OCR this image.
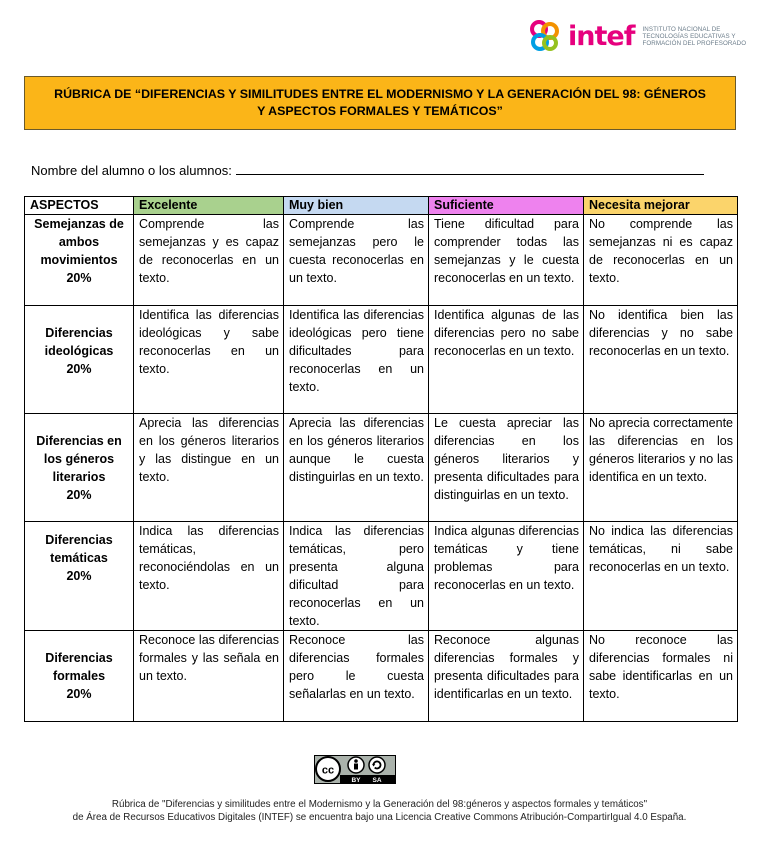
intef INSTITUTO NACIONAL DE
TECNOLOGÍAS EDUCATIVAS Y
FORMACIÓN DEL PROFESORADO
RÚBRICA DE “DIFERENCIAS Y SIMILITUDES ENTRE EL MODERNISMO Y LA GENERACIÓN DEL 98: GÉNEROS Y ASPECTOS FORMALES Y TEMÁTICOS”
Nombre del alumno o los alumnos:
ASPECTOS	Excelente	Muy bien	Suficiente	Necesita mejorar

Semejanzas de ambos movimientos
20%	Comprende las semejanzas y es capaz de reconocerlas en un texto.	Comprende las semejanzas pero le cuesta reconocerlas en un texto.	Tiene dificultad para comprender todas las semejanzas y le cuesta reconocerlas en un texto.	No comprende las semejanzas ni es capaz de reconocerlas en un texto.

Diferencias ideológicas
20%	Identifica las diferencias ideológicas y sabe reconocerlas en un texto.	Identifica las diferencias ideológicas pero tiene dificultades para reconocerlas en un texto.	Identifica algunas de las diferencias pero no sabe reconocerlas en un texto.	No identifica bien las diferencias y no sabe reconocerlas en un texto.

Diferencias en los géneros literarios
20%	Aprecia las diferencias en los géneros literarios y las distingue en un texto.	Aprecia las diferencias en los géneros literarios aunque le cuesta distinguirlas en un texto.	Le cuesta apreciar las diferencias en los géneros literarios y presenta dificultades para distinguirlas en un texto.	No aprecia correctamente las diferencias en los géneros literarios y no las identifica en un texto.

Diferencias temáticas
20%	Indica las diferencias temáticas, reconociéndolas en un texto.	Indica las diferencias temáticas, pero presenta alguna dificultad para reconocerlas en un texto.	Indica algunas diferencias temáticas y tiene problemas para reconocerlas en un texto.	No indica las diferencias temáticas, ni sabe reconocerlas en un texto.

Diferencias formales
20%	Reconoce las diferencias formales y las señala en un texto.	Reconoce las diferencias formales pero le cuesta señalarlas en un texto.	Reconoce algunas diferencias formales y presenta dificultades para identificarlas en un texto.	No reconoce las diferencias formales ni sabe identificarlas en un texto.
cc
BY SA
Rúbrica de "Diferencias y similitudes entre el Modernismo y la Generación del 98:géneros y aspectos formales y temáticos"
de Área de Recursos Educativos Digitales (INTEF) se encuentra bajo una Licencia Creative Commons Atribución-CompartirIgual 4.0 España.
